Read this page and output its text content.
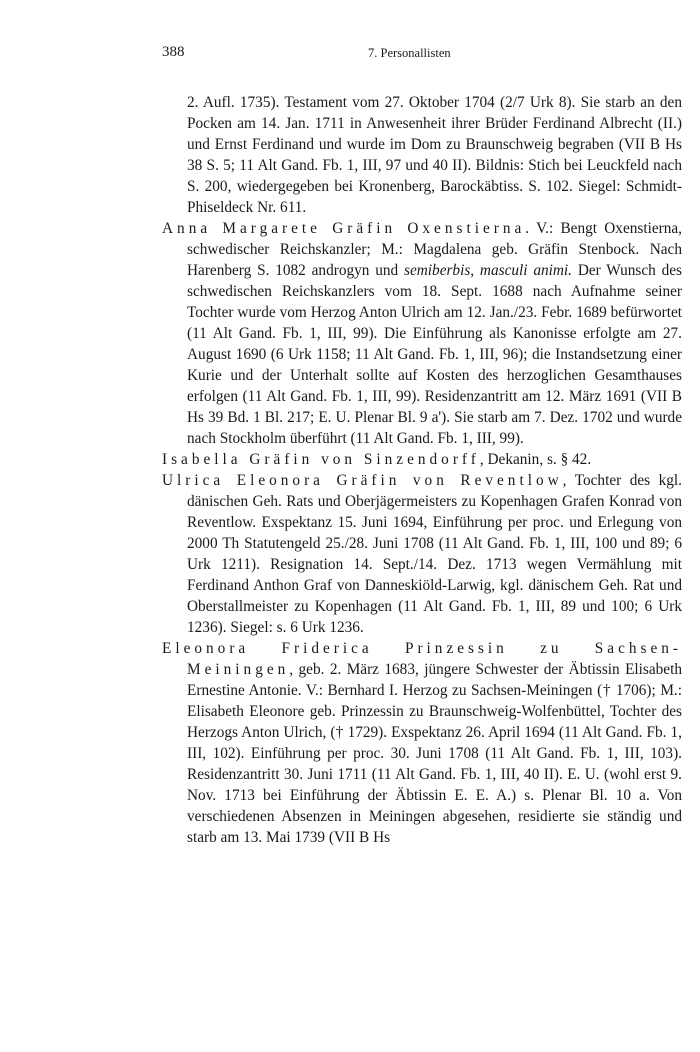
388	7. Personallisten

2. Aufl. 1735). Testament vom 27. Oktober 1704 (2/7 Urk 8). Sie starb an den Pocken am 14. Jan. 1711 in Anwesenheit ihrer Brüder Ferdinand Albrecht (II.) und Ernst Ferdinand und wurde im Dom zu Braunschweig begraben (VII B Hs 38 S. 5; 11 Alt Gand. Fb. 1, III, 97 und 40 II). Bildnis: Stich bei Leuckfeld nach S. 200, wiedergegeben bei Kronenberg, Barockäbtiss. S. 102. Siegel: Schmidt-Phiseldeck Nr. 611.

Anna Margarete Gräfin Oxenstierna. V.: Bengt Oxenstierna, schwedischer Reichskanzler; M.: Magdalena geb. Gräfin Stenbock. Nach Harenberg S. 1082 androgyn und semiberbis, masculi animi. Der Wunsch des schwedischen Reichskanzlers vom 18. Sept. 1688 nach Aufnahme seiner Tochter wurde vom Herzog Anton Ulrich am 12. Jan./23. Febr. 1689 befürwortet (11 Alt Gand. Fb. 1, III, 99). Die Einführung als Kanonisse erfolgte am 27. August 1690 (6 Urk 1158; 11 Alt Gand. Fb. 1, III, 96); die Instandsetzung einer Kurie und der Unterhalt sollte auf Kosten des herzoglichen Gesamthauses erfolgen (11 Alt Gand. Fb. 1, III, 99). Residenzantritt am 12. März 1691 (VII B Hs 39 Bd. 1 Bl. 217; E. U. Plenar Bl. 9 a'). Sie starb am 7. Dez. 1702 und wurde nach Stockholm überführt (11 Alt Gand. Fb. 1, III, 99).

Isabella Gräfin von Sinzendorff, Dekanin, s. § 42.

Ulrica Eleonora Gräfin von Reventlow, Tochter des kgl. dänischen Geh. Rats und Oberjägermeisters zu Kopenhagen Grafen Konrad von Reventlow. Exspektanz 15. Juni 1694, Einführung per proc. und Erlegung von 2000 Th Statutengeld 25./28. Juni 1708 (11 Alt Gand. Fb. 1, III, 100 und 89; 6 Urk 1211). Resignation 14. Sept./14. Dez. 1713 wegen Vermählung mit Ferdinand Anthon Graf von Danneskiöld-Larwig, kgl. dänischem Geh. Rat und Oberstallmeister zu Kopenhagen (11 Alt Gand. Fb. 1, III, 89 und 100; 6 Urk 1236). Siegel: s. 6 Urk 1236.

Eleonora Friderica Prinzessin zu Sachsen-Meiningen, geb. 2. März 1683, jüngere Schwester der Äbtissin Elisabeth Ernestine Antonie. V.: Bernhard I. Herzog zu Sachsen-Meiningen († 1706); M.: Elisabeth Eleonore geb. Prinzessin zu Braunschweig-Wolfenbüttel, Tochter des Herzogs Anton Ulrich, († 1729). Exspektanz 26. April 1694 (11 Alt Gand. Fb. 1, III, 102). Einführung per proc. 30. Juni 1708 (11 Alt Gand. Fb. 1, III, 103). Residenzantritt 30. Juni 1711 (11 Alt Gand. Fb. 1, III, 40 II). E. U. (wohl erst 9. Nov. 1713 bei Einführung der Äbtissin E. E. A.) s. Plenar Bl. 10 a. Von verschiedenen Absenzen in Meiningen abgesehen, residierte sie ständig und starb am 13. Mai 1739 (VII B Hs
